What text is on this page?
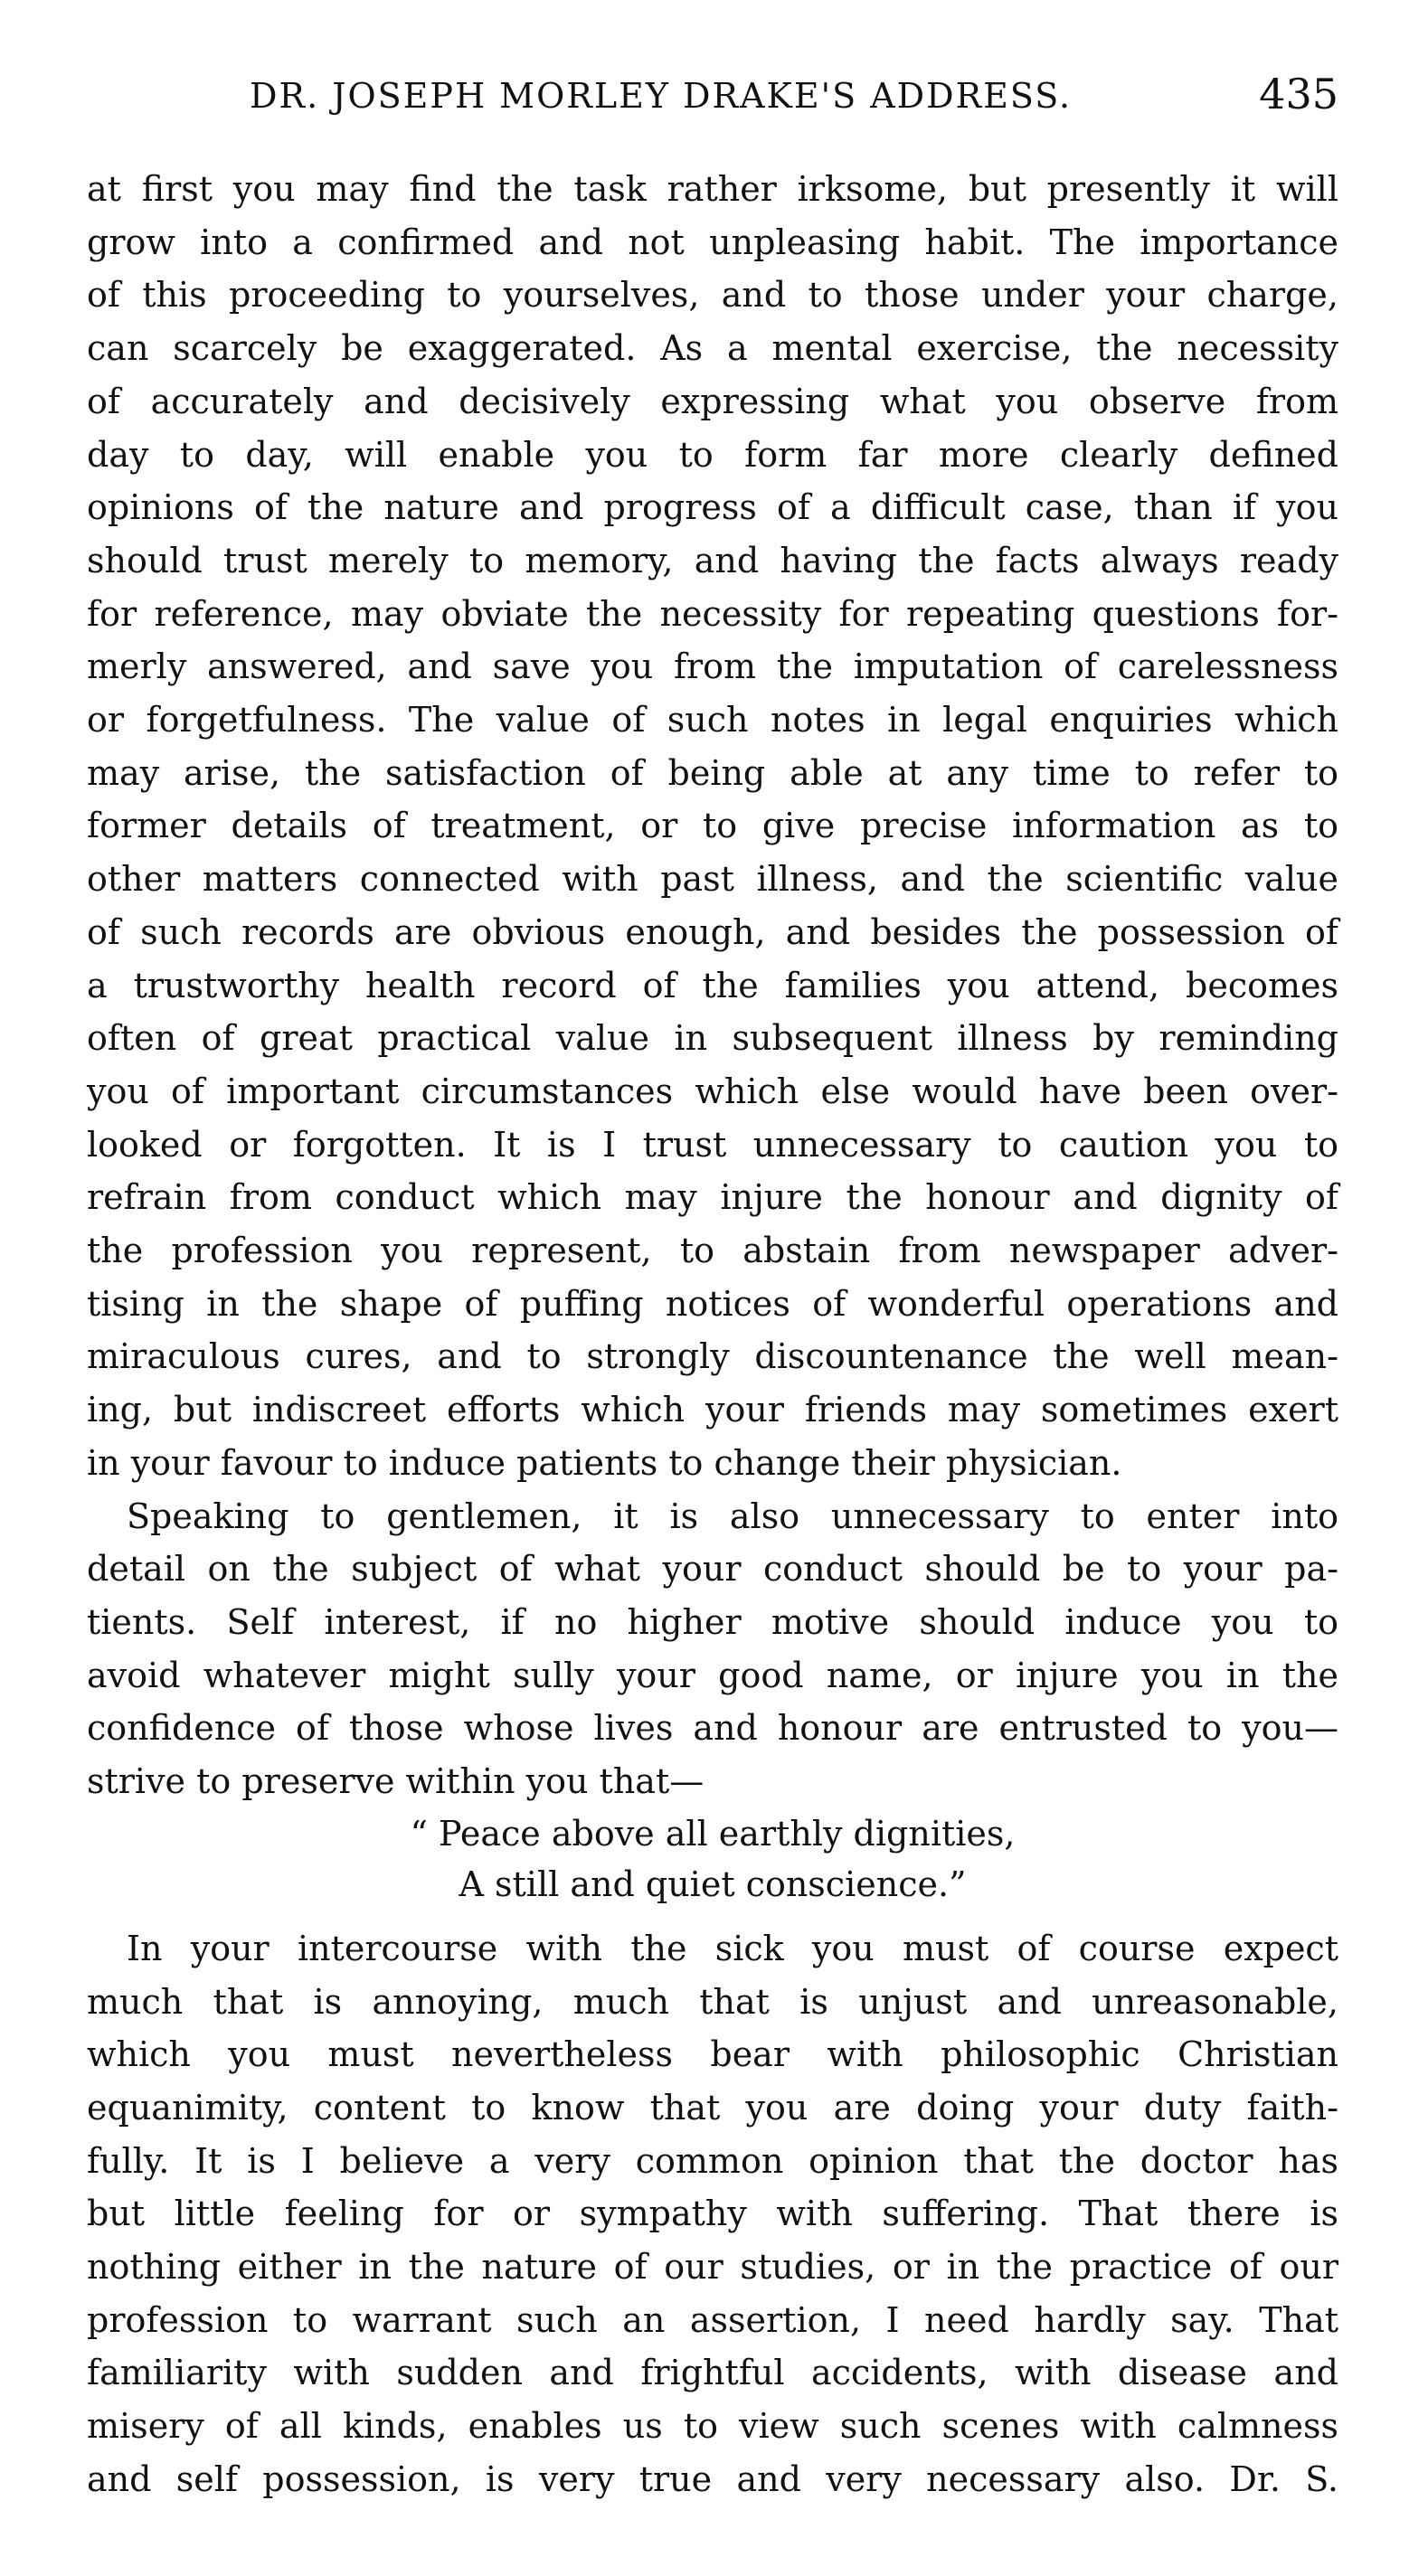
DR. JOSEPH MORLEY DRAKE'S ADDRESS.	435
at first you may find the task rather irksome, but presently it will
grow into a confirmed and not unpleasing habit. The importance
of this proceeding to yourselves, and to those under your charge,
can scarcely be exaggerated. As a mental exercise, the necessity
of accurately and decisively expressing what you observe from
day to day, will enable you to form far more clearly defined
opinions of the nature and progress of a difficult case, than if you
should trust merely to memory, and having the facts always ready
for reference, may obviate the necessity for repeating questions for-
merly answered, and save you from the imputation of carelessness
or forgetfulness. The value of such notes in legal enquiries which
may arise, the satisfaction of being able at any time to refer to
former details of treatment, or to give precise information as to
other matters connected with past illness, and the scientific value
of such records are obvious enough, and besides the possession of
a trustworthy health record of the families you attend, becomes
often of great practical value in subsequent illness by reminding
you of important circumstances which else would have been over-
looked or forgotten. It is I trust unnecessary to caution you to
refrain from conduct which may injure the honour and dignity of
the profession you represent, to abstain from newspaper adver-
tising in the shape of puffing notices of wonderful operations and
miraculous cures, and to strongly discountenance the well mean-
ing, but indiscreet efforts which your friends may sometimes exert
in your favour to induce patients to change their physician.
Speaking to gentlemen, it is also unnecessary to enter into
detail on the subject of what your conduct should be to your pa-
tients. Self interest, if no higher motive should induce you to
avoid whatever might sully your good name, or injure you in the
confidence of those whose lives and honour are entrusted to you—
strive to preserve within you that—
“ Peace above all earthly dignities,
A still and quiet conscience.”
In your intercourse with the sick you must of course expect
much that is annoying, much that is unjust and unreasonable,
which you must nevertheless bear with philosophic Christian
equanimity, content to know that you are doing your duty faith-
fully. It is I believe a very common opinion that the doctor has
but little feeling for or sympathy with suffering. That there is
nothing either in the nature of our studies, or in the practice of our
profession to warrant such an assertion, I need hardly say. That
familiarity with sudden and frightful accidents, with disease and
misery of all kinds, enables us to view such scenes with calmness
and self possession, is very true and very necessary also. Dr. S.
